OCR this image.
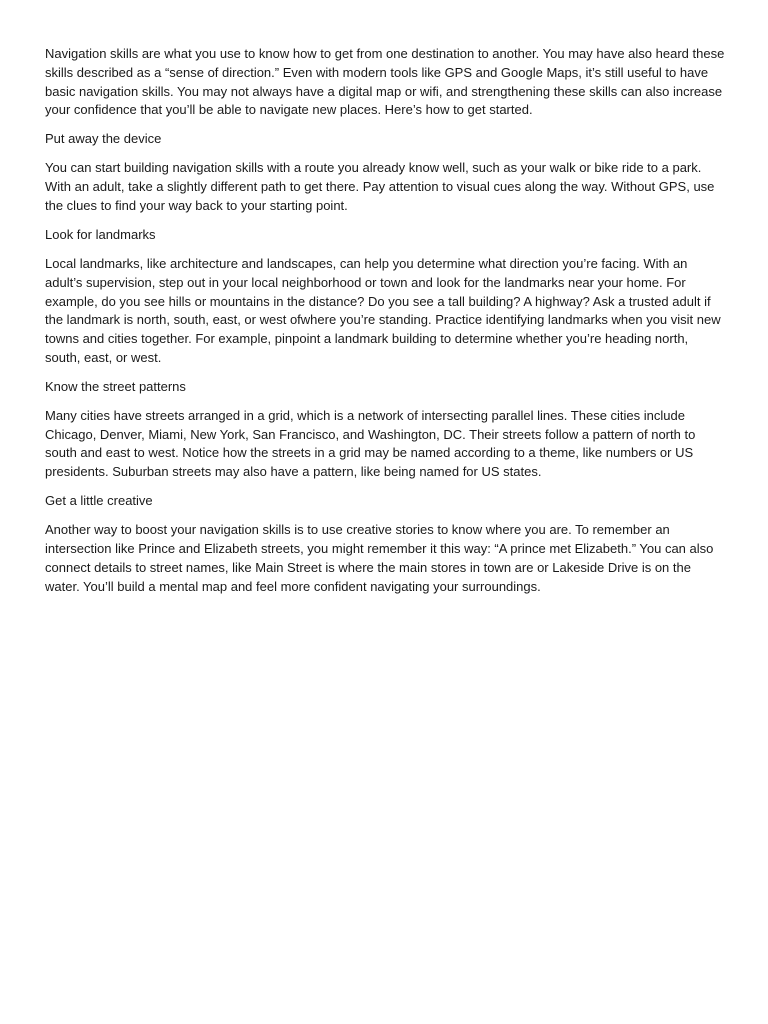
Navigation skills are what you use to know how to get from one destination to another. You may have also heard these skills described as a “sense of direction.” Even with modern tools like GPS and Google Maps, it’s still useful to have basic navigation skills. You may not always have a digital map or wifi, and strengthening these skills can also increase your confidence that you’ll be able to navigate new places. Here’s how to get started.

Put away the device

You can start building navigation skills with a route you already know well, such as your walk or bike ride to a park. With an adult, take a slightly different path to get there. Pay attention to visual cues along the way. Without GPS, use the clues to find your way back to your starting point.

Look for landmarks

Local landmarks, like architecture and landscapes, can help you determine what direction you’re facing. With an adult’s supervision, step out in your local neighborhood or town and look for the landmarks near your home. For example, do you see hills or mountains in the distance? Do you see a tall building? A highway? Ask a trusted adult if the landmark is north, south, east, or west ofwhere you’re standing. Practice identifying landmarks when you visit new towns and cities together. For example, pinpoint a landmark building to determine whether you’re heading north, south, east, or west.

Know the street patterns

Many cities have streets arranged in a grid, which is a network of intersecting parallel lines. These cities include Chicago, Denver, Miami, New York, San Francisco, and Washington, DC. Their streets follow a pattern of north to south and east to west. Notice how the streets in a grid may be named according to a theme, like numbers or US presidents. Suburban streets may also have a pattern, like being named for US states.

Get a little creative

Another way to boost your navigation skills is to use creative stories to know where you are. To remember an intersection like Prince and Elizabeth streets, you might remember it this way: “A prince met Elizabeth.” You can also connect details to street names, like Main Street is where the main stores in town are or Lakeside Drive is on the water. You’ll build a mental map and feel more confident navigating your surroundings.
